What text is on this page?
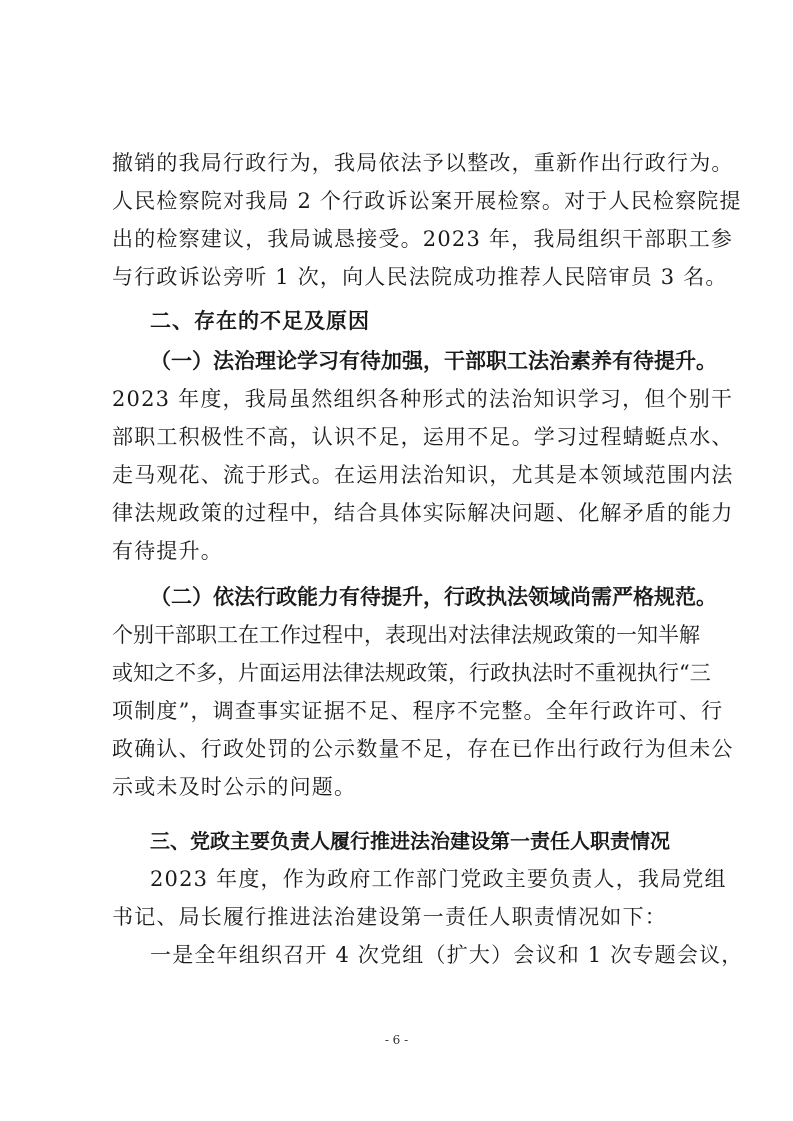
撤销的我局行政行为，我局依法予以整改，重新作出行政行为。
人民检察院对我局 2 个行政诉讼案开展检察。对于人民检察院提
出的检察建议，我局诚恳接受。2023 年，我局组织干部职工参
与行政诉讼旁听 1 次，向人民法院成功推荐人民陪审员 3 名。
二、存在的不足及原因
（一）法治理论学习有待加强，干部职工法治素养有待提升。
2023 年度，我局虽然组织各种形式的法治知识学习，但个别干
部职工积极性不高，认识不足，运用不足。学习过程蜻蜓点水、
走马观花、流于形式。在运用法治知识，尤其是本领域范围内法
律法规政策的过程中，结合具体实际解决问题、化解矛盾的能力
有待提升。
（二）依法行政能力有待提升，行政执法领域尚需严格规范。
个别干部职工在工作过程中，表现出对法律法规政策的一知半解
或知之不多，片面运用法律法规政策，行政执法时不重视执行“三
项制度”，调查事实证据不足、程序不完整。全年行政许可、行
政确认、行政处罚的公示数量不足，存在已作出行政行为但未公
示或未及时公示的问题。
三、党政主要负责人履行推进法治建设第一责任人职责情况
2023 年度，作为政府工作部门党政主要负责人，我局党组
书记、局长履行推进法治建设第一责任人职责情况如下：
一是全年组织召开 4 次党组（扩大）会议和 1 次专题会议，
- 6 -
